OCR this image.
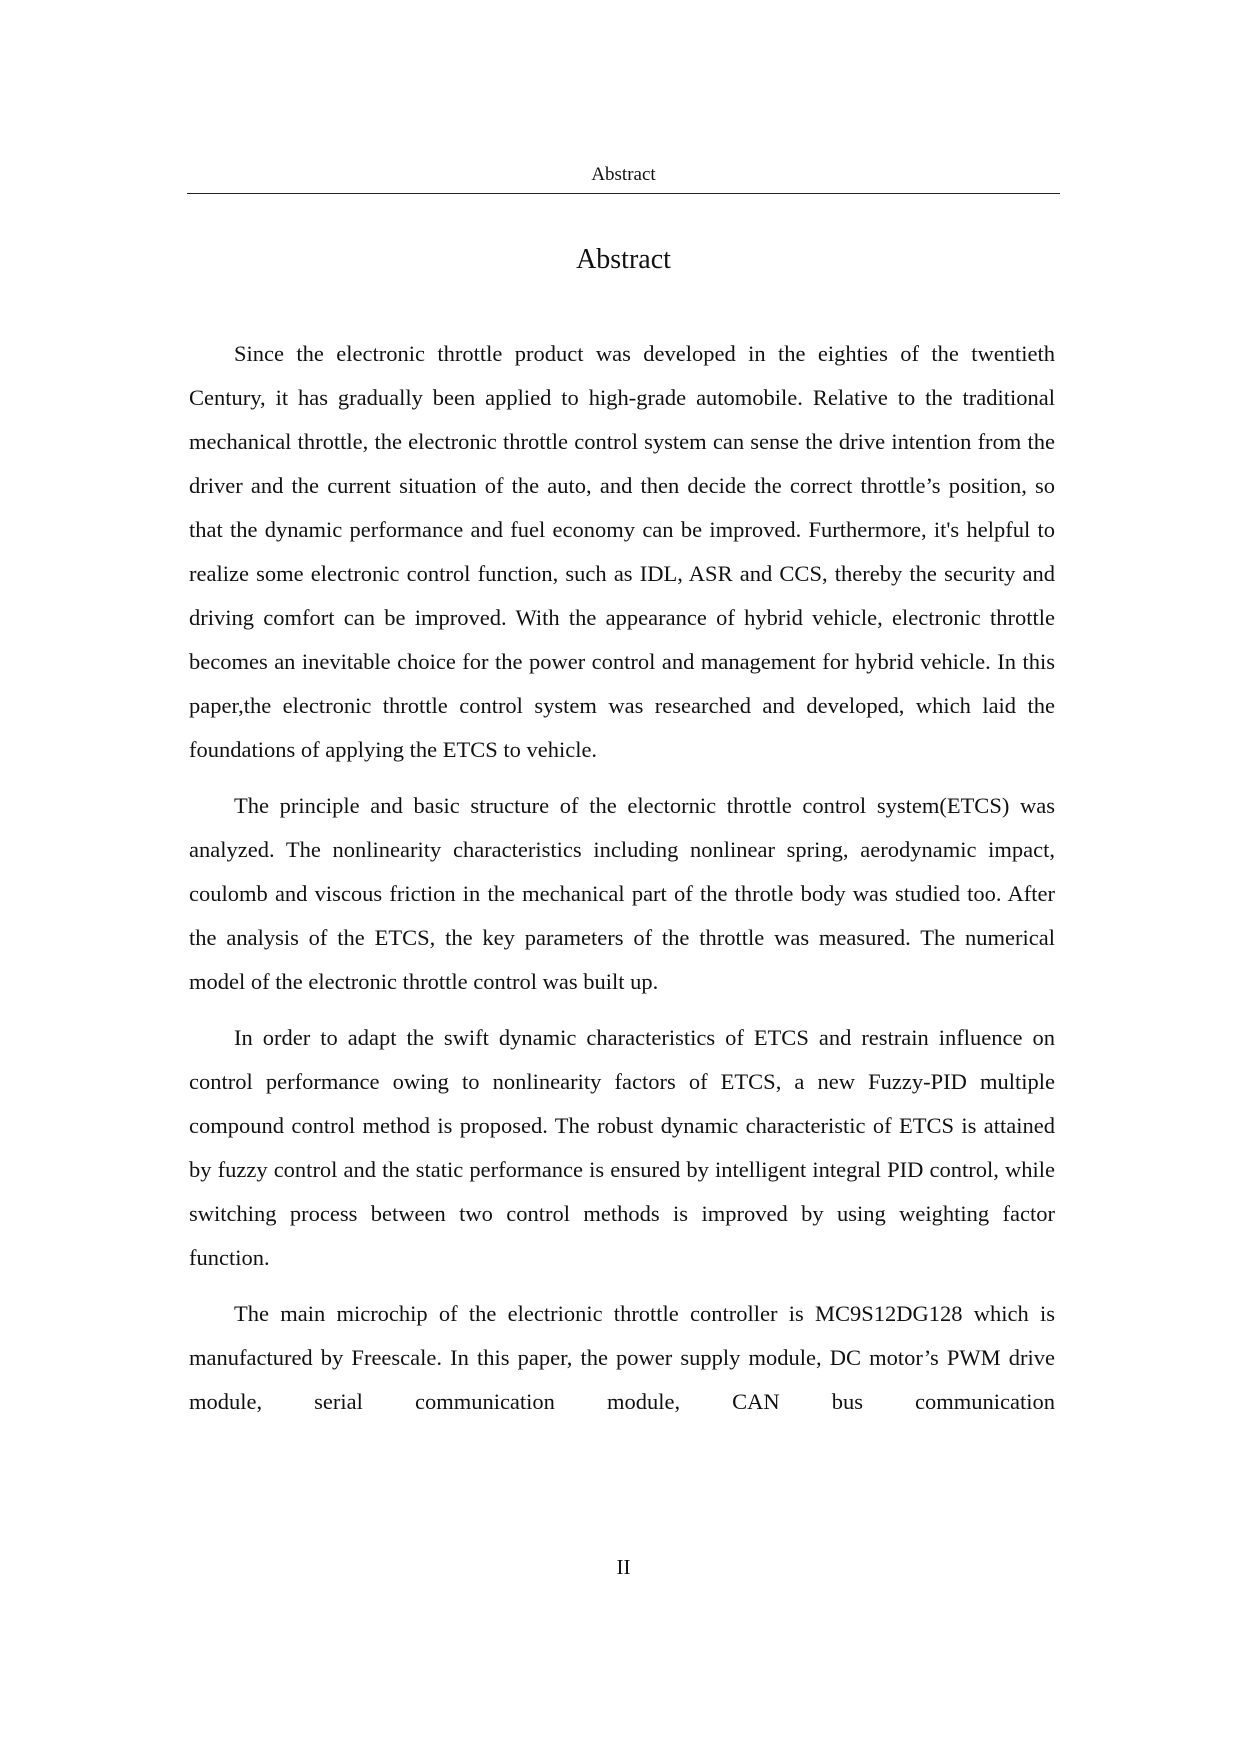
Abstract
Abstract

Since the electronic throttle product was developed in the eighties of the twentieth Century, it has gradually been applied to high-grade automobile. Relative to the traditional mechanical throttle, the electronic throttle control system can sense the drive intention from the driver and the current situation of the auto, and then decide the correct throttle’s position, so that the dynamic performance and fuel economy can be improved. Furthermore, it's helpful to realize some electronic control function, such as IDL, ASR and CCS, thereby the security and driving comfort can be improved. With the appearance of hybrid vehicle, electronic throttle becomes an inevitable choice for the power control and management for hybrid vehicle. In this paper,the electronic throttle control system was researched and developed, which laid the foundations of applying the ETCS to vehicle.

The principle and basic structure of the electornic throttle control system(ETCS) was analyzed. The nonlinearity characteristics including nonlinear spring, aerodynamic impact, coulomb and viscous friction in the mechanical part of the throtle body was studied too. After the analysis of the ETCS, the key parameters of the throttle was measured. The numerical model of the electronic throttle control was built up.

In order to adapt the swift dynamic characteristics of ETCS and restrain influence on control performance owing to nonlinearity factors of ETCS, a new Fuzzy-PID multiple compound control method is proposed. The robust dynamic characteristic of ETCS is attained by fuzzy control and the static performance is ensured by intelligent integral PID control, while switching process between two control methods is improved by using weighting factor function.

The main microchip of the electrionic throttle controller is MC9S12DG128 which is manufactured by Freescale. In this paper, the power supply module, DC motor’s PWM drive module, serial communication module, CAN bus communication

II
